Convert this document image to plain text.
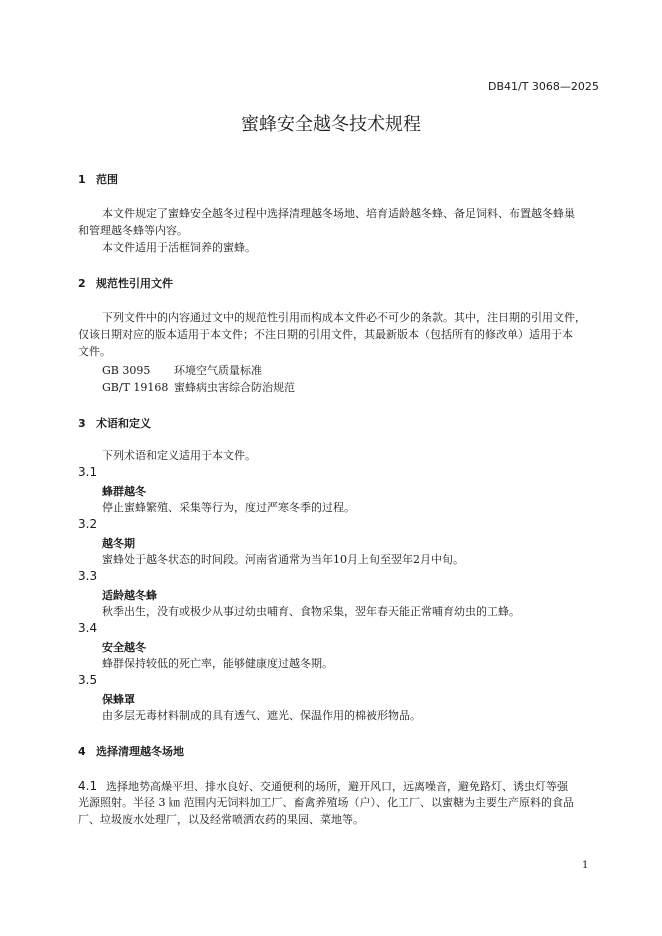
DB41/T 3068—2025
蜜蜂安全越冬技术规程
1 范围
本文件规定了蜜蜂安全越冬过程中选择清理越冬场地、培育适龄越冬蜂、备足饲料、布置越冬蜂巢
和管理越冬蜂等内容。
本文件适用于活框饲养的蜜蜂。
2 规范性引用文件
下列文件中的内容通过文中的规范性引用而构成本文件必不可少的条款。其中，注日期的引用文件，
仅该日期对应的版本适用于本文件；不注日期的引用文件，其最新版本（包括所有的修改单）适用于本
文件。
GB 3095 环境空气质量标准
GB/T 19168 蜜蜂病虫害综合防治规范
3 术语和定义
下列术语和定义适用于本文件。
3.1
蜂群越冬
停止蜜蜂繁殖、采集等行为，度过严寒冬季的过程。
3.2
越冬期
蜜蜂处于越冬状态的时间段。河南省通常为当年10月上旬至翌年2月中旬。
3.3
适龄越冬蜂
秋季出生，没有或极少从事过幼虫哺育、食物采集，翌年春天能正常哺育幼虫的工蜂。
3.4
安全越冬
蜂群保持较低的死亡率，能够健康度过越冬期。
3.5
保蜂罩
由多层无毒材料制成的具有透气、遮光、保温作用的棉被形物品。
4 选择清理越冬场地
4.1 选择地势高燥平坦、排水良好、交通便利的场所，避开风口，远离噪音，避免路灯、诱虫灯等强
光源照射。半径 3 ㎞ 范围内无饲料加工厂、畜禽养殖场（户）、化工厂、以蜜糖为主要生产原料的食品
厂、垃圾废水处理厂，以及经常喷洒农药的果园、菜地等。
1
